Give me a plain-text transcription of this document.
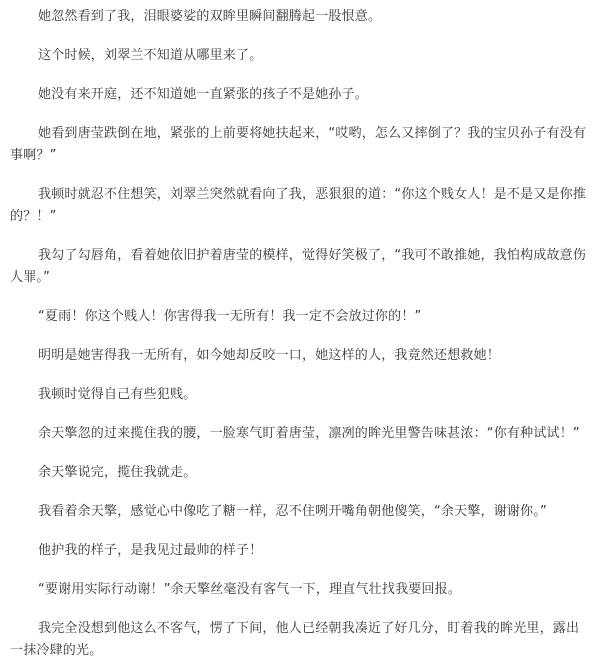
她忽然看到了我，泪眼婆娑的双眸里瞬间翻腾起一股恨意。

这个时候，刘翠兰不知道从哪里来了。

她没有来开庭，还不知道她一直紧张的孩子不是她孙子。

她看到唐莹跌倒在地，紧张的上前要将她扶起来，“哎哟，怎么又摔倒了？我的宝贝孙子有没有事啊？”

我顿时就忍不住想笑，刘翠兰突然就看向了我，恶狠狠的道：“你这个贱女人！是不是又是你推的？！”

我勾了勾唇角，看着她依旧护着唐莹的模样，觉得好笑极了，“我可不敢推她，我怕构成故意伤人罪。”

“夏雨！你这个贱人！你害得我一无所有！我一定不会放过你的！”

明明是她害得我一无所有，如今她却反咬一口，她这样的人，我竟然还想救她！

我顿时觉得自己有些犯贱。

余天擎忽的过来揽住我的腰，一脸寒气盯着唐莹，凛冽的眸光里警告味甚浓：“你有种试试！”

余天擎说完，揽住我就走。

我看着余天擎，感觉心中像吃了糖一样，忍不住咧开嘴角朝他傻笑，“余天擎，谢谢你。”

他护我的样子，是我见过最帅的样子！

“要谢用实际行动谢！”余天擎丝毫没有客气一下，理直气壮找我要回报。

我完全没想到他这么不客气，愣了下间，他人已经朝我凑近了好几分，盯着我的眸光里，露出一抹冷肆的光。
